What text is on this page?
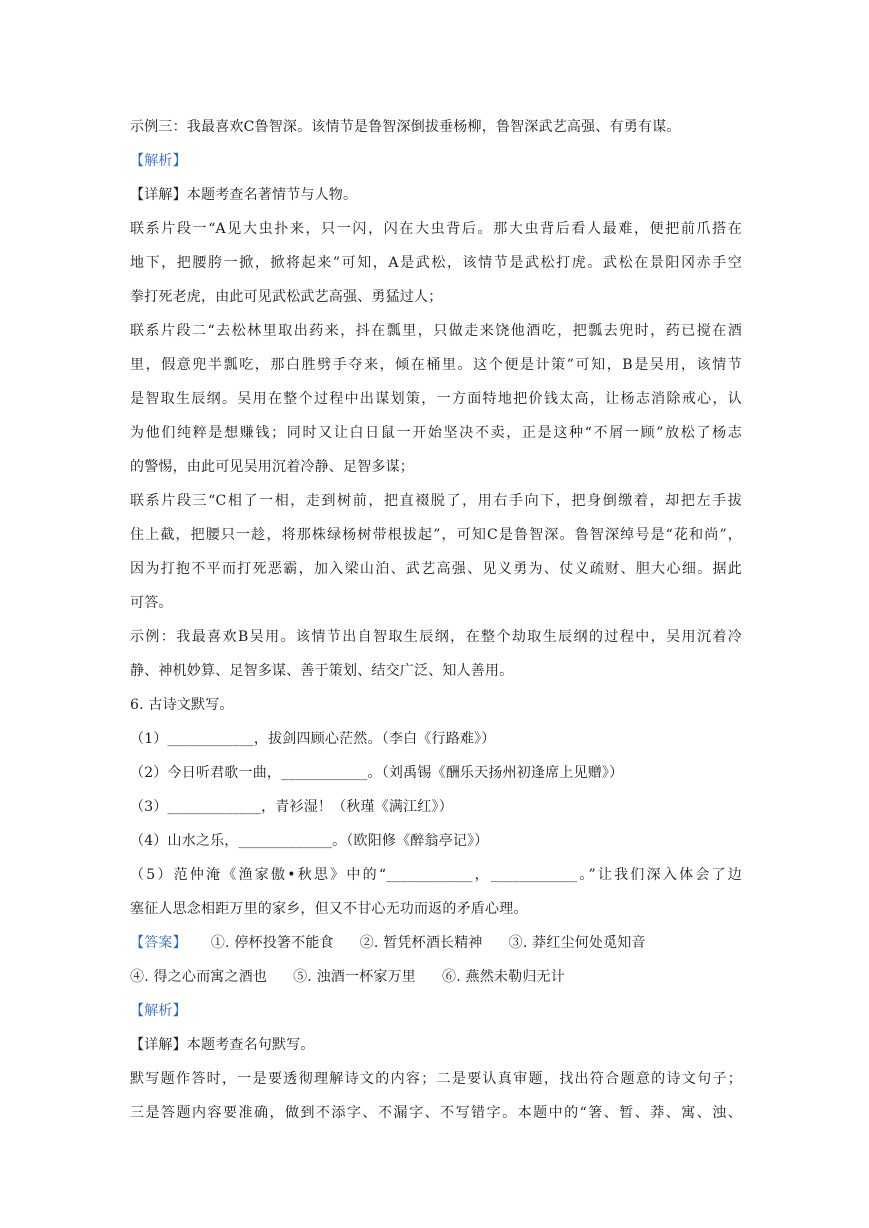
示例三：我最喜欢C鲁智深。该情节是鲁智深倒拔垂杨柳，鲁智深武艺高强、有勇有谋。
【解析】
【详解】本题考查名著情节与人物。
联系片段一“A见大虫扑来，只一闪，闪在大虫背后。那大虫背后看人最难，便把前爪搭在
地下，把腰胯一掀，掀将起来”可知，A是武松，该情节是武松打虎。武松在景阳冈赤手空
拳打死老虎，由此可见武松武艺高强、勇猛过人；
联系片段二“去松林里取出药来，抖在瓢里，只做走来饶他酒吃，把瓢去兜时，药已搅在酒
里，假意兜半瓢吃，那白胜劈手夺来，倾在桶里。这个便是计策”可知，B是吴用，该情节
是智取生辰纲。吴用在整个过程中出谋划策，一方面特地把价钱太高，让杨志消除戒心，认
为他们纯粹是想赚钱；同时又让白日鼠一开始坚决不卖，正是这种“不屑一顾”放松了杨志
的警惕，由此可见吴用沉着冷静、足智多谋；
联系片段三“C相了一相，走到树前，把直裰脱了，用右手向下，把身倒缴着，却把左手拔
住上截，把腰只一趁，将那株绿杨树带根拔起”，可知C是鲁智深。鲁智深绰号是“花和尚”，
因为打抱不平而打死恶霸，加入梁山泊、武艺高强、见义勇为、仗义疏财、胆大心细。据此
可答。
示例：我最喜欢B吴用。该情节出自智取生辰纲，在整个劫取生辰纲的过程中，吴用沉着冷
静、神机妙算、足智多谋、善于策划、结交广泛、知人善用。
6. 古诗文默写。
（1）____________，拔剑四顾心茫然。（李白《行路难》）
（2）今日听君歌一曲，____________。（刘禹锡《酬乐天扬州初逢席上见赠》）
（3）_____________，青衫湿！（秋瑾《满江红》）
（4）山水之乐，_____________。（欧阳修《醉翁亭记》）
（5）范仲淹《渔家傲•秋思》中的“____________，____________。”让我们深入体会了边
塞征人思念相距万里的家乡，但又不甘心无功而返的矛盾心理。
【答案】 ①. 停杯投箸不能食 ②. 暂凭杯酒长精神 ③. 莽红尘何处觅知音
④. 得之心而寓之酒也 ⑤. 浊酒一杯家万里 ⑥. 燕然未勒归无计
【解析】
【详解】本题考查名句默写。
默写题作答时，一是要透彻理解诗文的内容；二是要认真审题，找出符合题意的诗文句子；
三是答题内容要准确，做到不添字、不漏字、不写错字。本题中的“箸、暂、莽、寓、浊、
